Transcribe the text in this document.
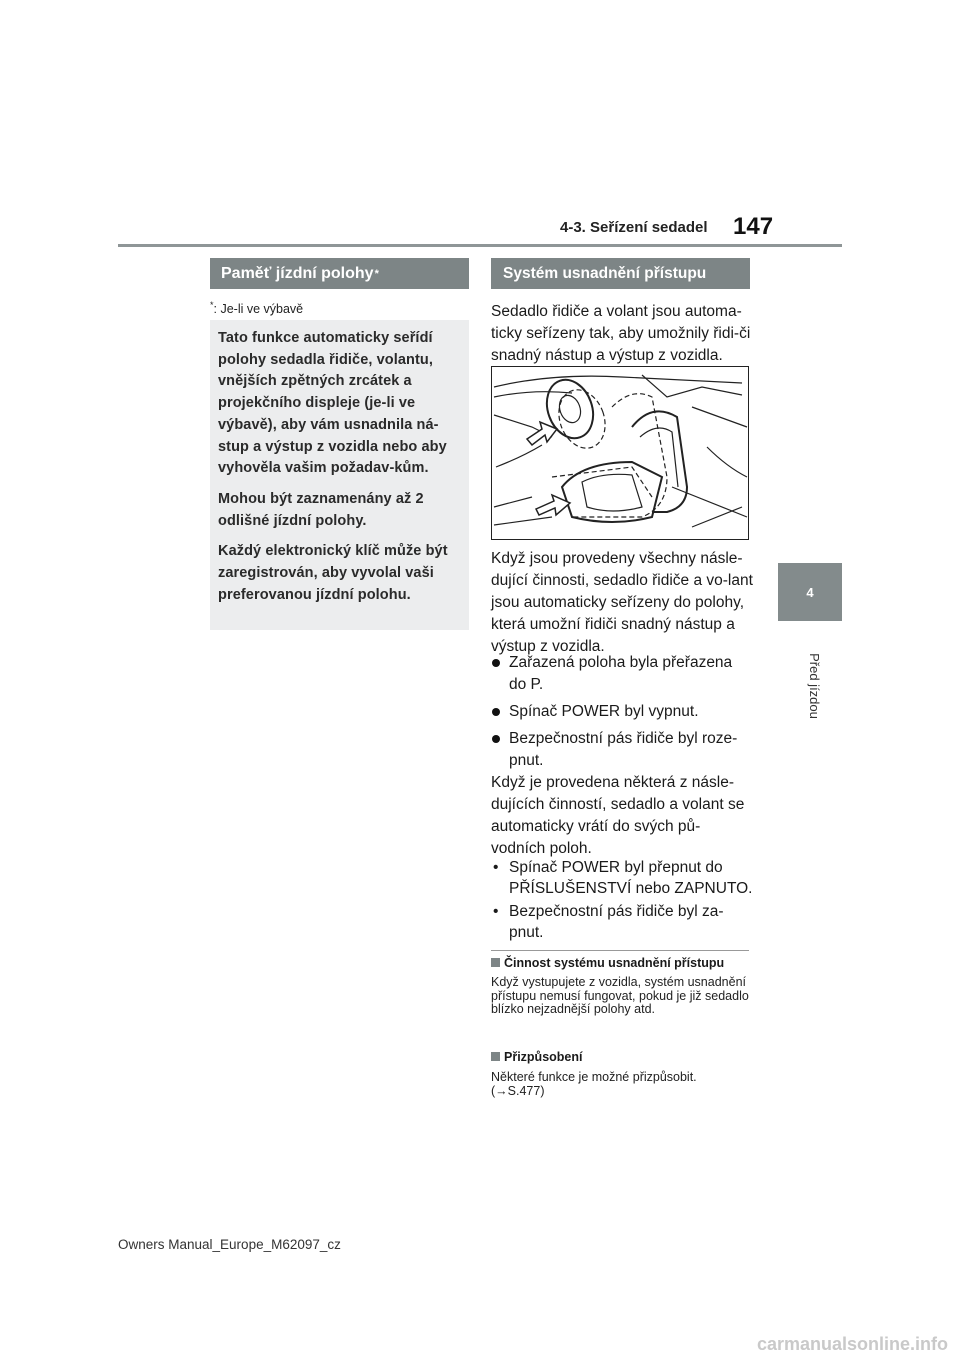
4-3. Seřízení sedadel 147
4
Před jízdou
Paměť jízdní polohy *
*: Je-li ve výbavě

Tato funkce automaticky seřídí polohy sedadla řidiče, volantu, vnějších zpětných zrcátek a projekčního displeje (je-li ve výbavě), aby vám usnadnila ná-stup a výstup z vozidla nebo aby vyhověla vašim požadav-kům.

Mohou být zaznamenány až 2 odlišné jízdní polohy.

Každý elektronický klíč může být zaregistrován, aby vyvolal vaši preferovanou jízdní polohu.

Systém usnadnění přístupu

Sedadlo řidiče a volant jsou automa-ticky seřízeny tak, aby umožnily řidi-či snadný nástup a výstup z vozidla.

Když jsou provedeny všechny násle-dující činnosti, sedadlo řidiče a vo-lant jsou automaticky seřízeny do polohy, která umožní řidiči snadný nástup a výstup z vozidla.

Zařazená poloha byla přeřazena do P.
Spínač POWER byl vypnut.
Bezpečnostní pás řidiče byl roze-pnut.

Když je provedena některá z násle-dujících činností, sedadlo a volant se automaticky vrátí do svých pů-vodních poloh.

• Spínač POWER byl přepnut do PŘÍSLUŠENSTVÍ nebo ZAPNUTO.
• Bezpečnostní pás řidiče byl za-pnut.
Činnost systému usnadnění přístupu

Když vystupujete z vozidla, systém usnadnění přístupu nemusí fungovat, pokud je již sedadlo blízko nejzadnější polohy atd.

Přizpůsobení

Některé funkce je možné přizpůsobit. (→S.477)

Owners Manual_Europe_M62097_cz
carmanualsonline.info
